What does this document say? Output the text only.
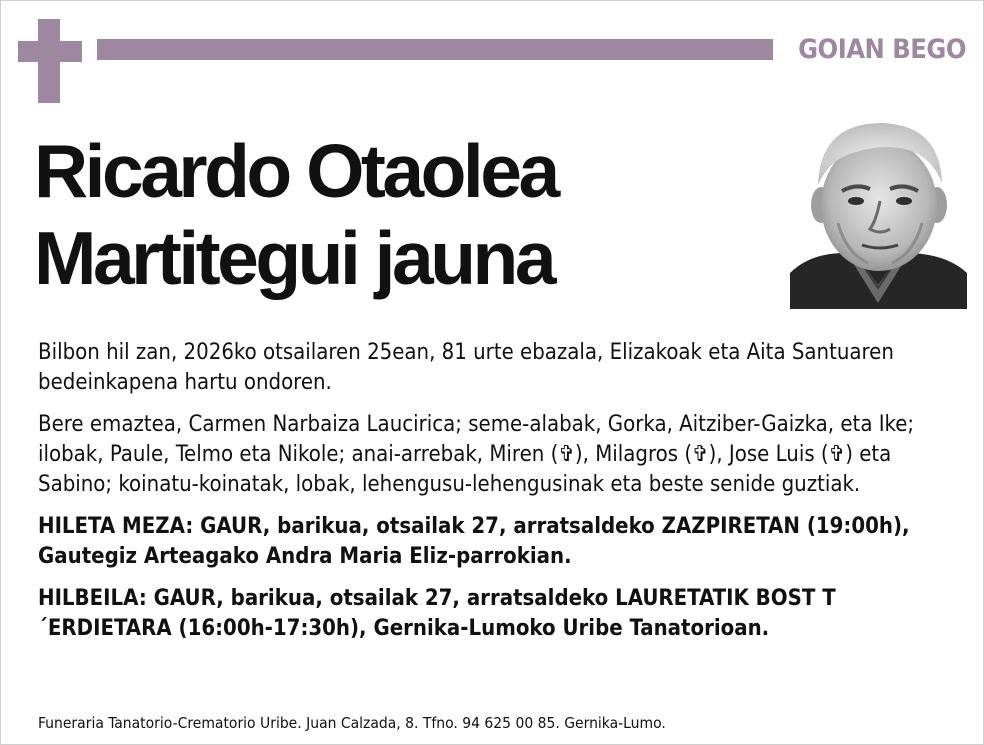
GOIAN BEGO
Ricardo Otaolea
Martitegui jauna

Bilbon hil zan, 2026ko otsailaren 25ean, 81 urte ebazala, Elizakoak eta Aita Santuaren bedeinkapena hartu ondoren.

Bere emaztea, Carmen Narbaiza Laucirica; seme-alabak, Gorka, Aitziber-Gaizka, eta Ike; ilobak, Paule, Telmo eta Nikole; anai-arrebak, Miren (✞), Milagros (✞), Jose Luis (✞) eta Sabino; koinatu-koinatak, lobak, lehengusu-lehengusinak eta beste senide guztiak.

HILETA MEZA: GAUR, barikua, otsailak 27, arratsaldeko ZAZPIRETAN (19:00h), Gautegiz Arteagako Andra Maria Eliz-parrokian.

HILBEILA: GAUR, barikua, otsailak 27, arratsaldeko LAURETATIK BOST T´ERDIETARA (16:00h-17:30h), Gernika-Lumoko Uribe Tanatorioan.

Funeraria Tanatorio-Crematorio Uribe. Juan Calzada, 8. Tfno. 94 625 00 85. Gernika-Lumo.
